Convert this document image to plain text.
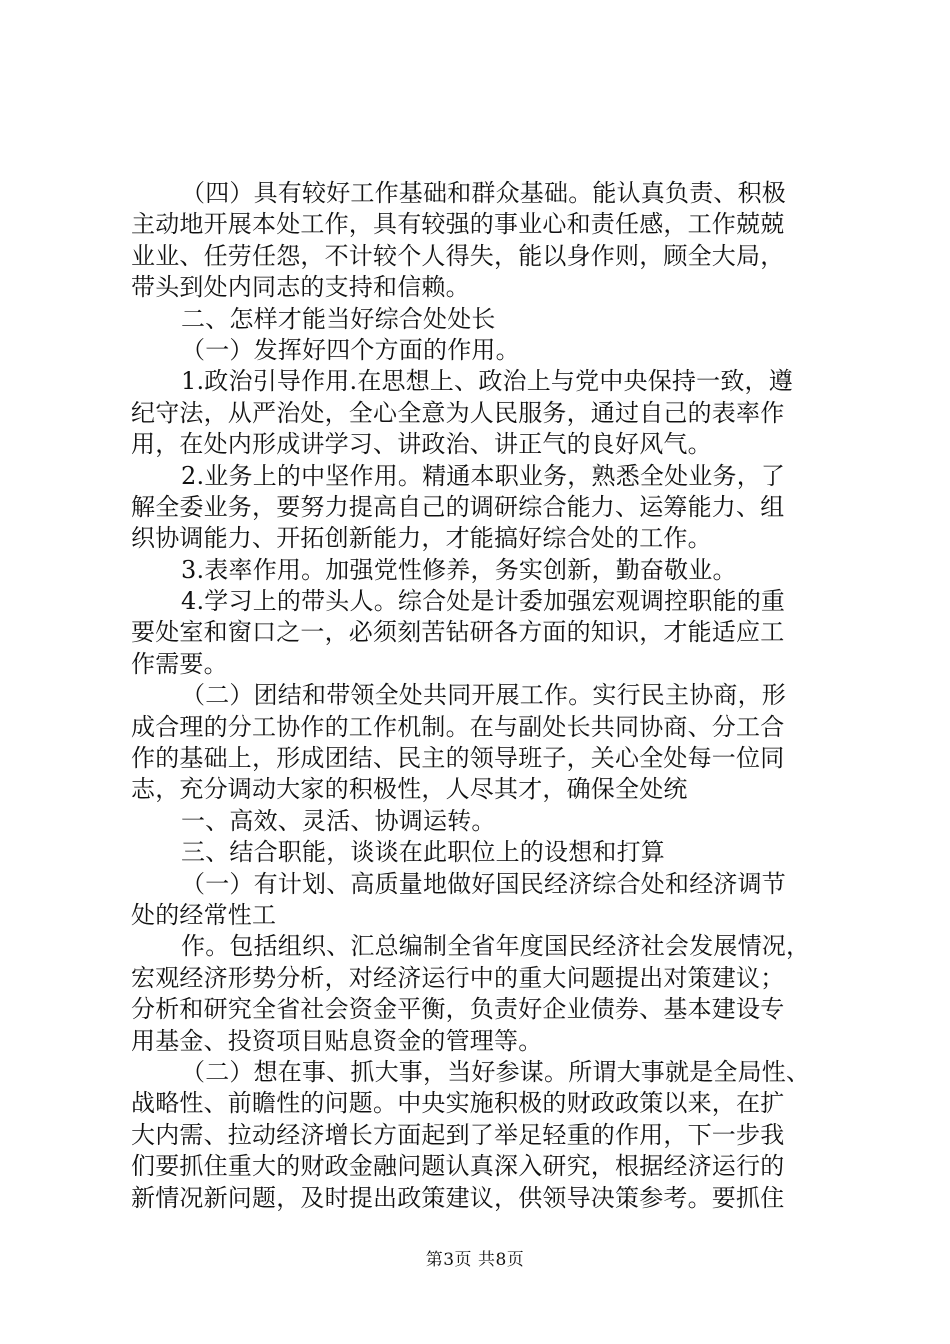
（四）具有较好工作基础和群众基础。能认真负责、积极
主动地开展本处工作，具有较强的事业心和责任感，工作兢兢
业业、任劳任怨，不计较个人得失，能以身作则，顾全大局，
带头到处内同志的支持和信赖。
二、怎样才能当好综合处处长
（一）发挥好四个方面的作用。
1.政治引导作用.在思想上、政治上与党中央保持一致，遵
纪守法，从严治处，全心全意为人民服务，通过自己的表率作
用，在处内形成讲学习、讲政治、讲正气的良好风气。
2.业务上的中坚作用。精通本职业务，熟悉全处业务，了
解全委业务，要努力提高自己的调研综合能力、运筹能力、组
织协调能力、开拓创新能力，才能搞好综合处的工作。
3.表率作用。加强党性修养，务实创新，勤奋敬业。
4.学习上的带头人。综合处是计委加强宏观调控职能的重
要处室和窗口之一，必须刻苦钻研各方面的知识，才能适应工
作需要。
（二）团结和带领全处共同开展工作。实行民主协商，形
成合理的分工协作的工作机制。在与副处长共同协商、分工合
作的基础上，形成团结、民主的领导班子，关心全处每一位同
志，充分调动大家的积极性，人尽其才，确保全处统
一、高效、灵活、协调运转。
三、结合职能，谈谈在此职位上的设想和打算
（一）有计划、高质量地做好国民经济综合处和经济调节
处的经常性工
作。包括组织、汇总编制全省年度国民经济社会发展情况，
宏观经济形势分析，对经济运行中的重大问题提出对策建议；
分析和研究全省社会资金平衡，负责好企业债券、基本建设专
用基金、投资项目贴息资金的管理等。
（二）想在事、抓大事，当好参谋。所谓大事就是全局性、
战略性、前瞻性的问题。中央实施积极的财政政策以来，在扩
大内需、拉动经济增长方面起到了举足轻重的作用，下一步我
们要抓住重大的财政金融问题认真深入研究，根据经济运行的
新情况新问题，及时提出政策建议，供领导决策参考。要抓住
第3页 共8页
